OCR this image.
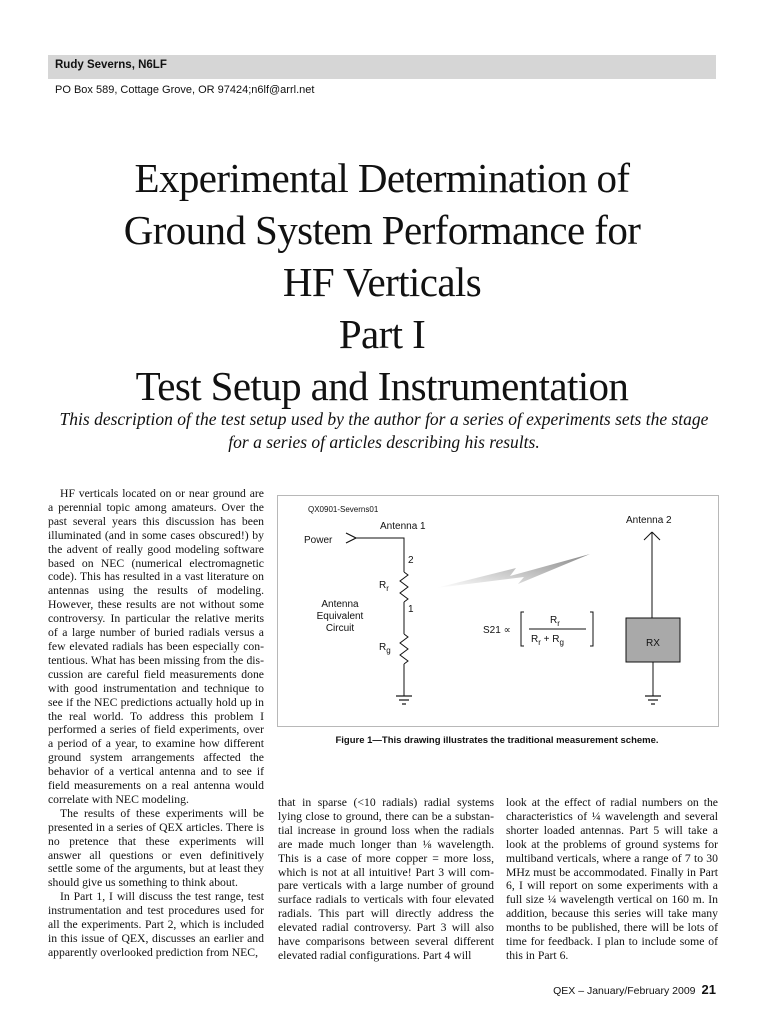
Rudy Severns, N6LF
PO Box 589, Cottage Grove, OR 97424;n6lf@arrl.net
Experimental Determination of
Ground System Performance for
HF Verticals
Part I
Test Setup and Instrumentation
This description of the test setup used by the author for a series of experiments sets the stage for a series of articles describing his results.

HF verticals located on or near ground are a perennial topic among amateurs. Over the past several years this discussion has been illuminated (and in some cases obscured!) by the advent of really good modeling software based on NEC (numerical electromagnetic code). This has resulted in a vast literature on antennas using the results of modeling. However, these results are not without some controversy. In particular the relative merits of a large number of buried radials versus a few elevated radials has been especially contentious. What has been missing from the discussion are careful field measurements done with good instrumentation and technique to see if the NEC predictions actually hold up in the real world. To address this problem I performed a series of field experiments, over a period of a year, to examine how different ground system arrangements affected the behavior of a vertical antenna and to see if field measurements on a real antenna would correlate with NEC modeling.

The results of these experiments will be presented in a series of QEX articles. There is no pretence that these experiments will answer all questions or even definitively settle some of the arguments, but at least they should give us something to think about.

In Part 1, I will discuss the test range, test instrumentation and test procedures used for all the experiments. Part 2, which is included in this issue of QEX, discusses an earlier and apparently overlooked prediction from NEC,

QX0901-Severns01
Antenna 1
Power
2
$R_r$
1
$R_g$
Antenna
Equivalent
Circuit	S21 ∝
$R_r$
$R_r + R_g$
Antenna 2
RX
Figure 1—This drawing illustrates the traditional measurement scheme.

that in sparse (<10 radials) radial systems lying close to ground, there can be a substantial increase in ground loss when the radials are made much longer than ⅛ wavelength. This is a case of more copper = more loss, which is not at all intuitive! Part 3 will compare verticals with a large number of ground surface radials to verticals with four elevated radials. This part will directly address the elevated radial controversy. Part 3 will also have comparisons between several different elevated radial configurations. Part 4 will

look at the effect of radial numbers on the characteristics of ¼ wavelength and several shorter loaded antennas. Part 5 will take a look at the problems of ground systems for multiband verticals, where a range of 7 to 30 MHz must be accommodated. Finally in Part 6, I will report on some experiments with a full size ¼ wavelength vertical on 160 m. In addition, because this series will take many months to be published, there will be lots of time for feedback. I plan to include some of this in Part 6.

QEX – January/February 2009 21
